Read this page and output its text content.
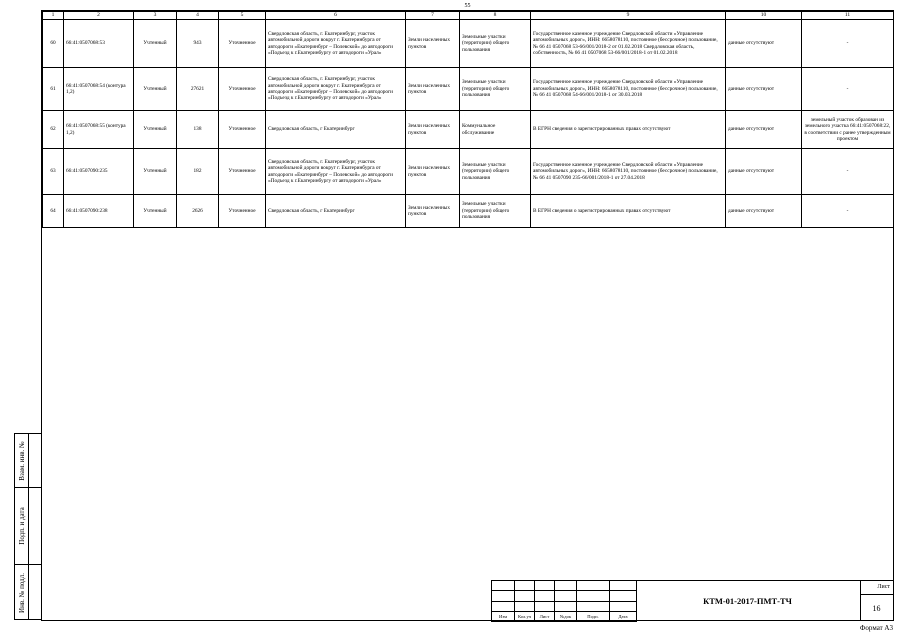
55
1	2	3	4	5	6	7	8	9	10	11
60	66:41:0507068:53	Учтенный	943	Уточненное	Свердловская область, г. Екатеринбург, участок автомобильной дороги вокруг г. Екатеринбурга от автодороги «Екатеринбург – Полевской» до автодороги «Подъезд к г.Екатеринбургу от автодороги «Урал»	Земли населенных пунктов	Земельные участки (территории) общего пользования	Государственное казенное учреждение Свердловской области «Управление автомобильных дорог», ИНН: 6658078110, постоянное (бессрочное) пользование, № 66 41 0507068 53-66/001/2018-2 от 01.02.2018 Свердловская область, собственность, № 66 41 0507068 53-66/001/2018-1 от 01.02.2018	данные отсутствуют	-
61	66:41:0507068:54 (контура 1,2)	Учтенный	27621	Уточненное	Свердловская область, г. Екатеринбург, участок автомобильной дороги вокруг г. Екатеринбурга от автодороги «Екатеринбург – Полевской» до автодороги «Подъезд к г.Екатеринбургу от автодороги «Урал»	Земли населенных пунктов	Земельные участки (территории) общего пользования	Государственное казенное учреждение Свердловской области «Управление автомобильных дорог», ИНН: 6658078110, постоянное (бессрочное) пользование, № 66 41 0507068 54-66/001/2018-1 от 30.03.2018	данные отсутствуют	-
62	66:41:0507068:55 (контура 1,2)	Учтенный	138	Уточненное	Свердловская область, г Екатеринбург	Земли населенных пунктов	Коммунальное обслуживание	В ЕГРН сведения о зарегистрированных правах отсутствуют	данные отсутствуют	земельный участок образован из земельного участка 66:41:0507068:22, в соответствии с ранее утвержденным проектом
63	66:41:0507090:235	Учтенный	182	Уточненное	Свердловская область, г. Екатеринбург, участок автомобильной дороги вокруг г. Екатеринбурга от автодороги «Екатеринбург – Полевской» до автодороги «Подъезд к г.Екатеринбургу от автодороги «Урал»	Земли населенных пунктов	Земельные участки (территории) общего пользования	Государственное казенное учреждение Свердловской области «Управление автомобильных дорог», ИНН: 6658078110, постоянное (бессрочное) пользование, № 66 41 0507090 235-66/001/2018-1 от 27.04.2018	данные отсутствуют	-
64	66:41:0507090:238	Учтенный	2626	Уточненное	Свердловская область, г Екатеринбург	Земли населенных пунктов	Земельные участки (территории) общего пользования	В ЕГРН сведения о зарегистрированных правах отсутствуют	данные отсутствуют	-
Взам. инв. №
Подп. и дата
Инв. № подл.

Изм	Кол.уч	Лист	№док	Подп.	Дата
КТМ-01-2017-ПМТ-ТЧ
Лист
16
Формат А3
